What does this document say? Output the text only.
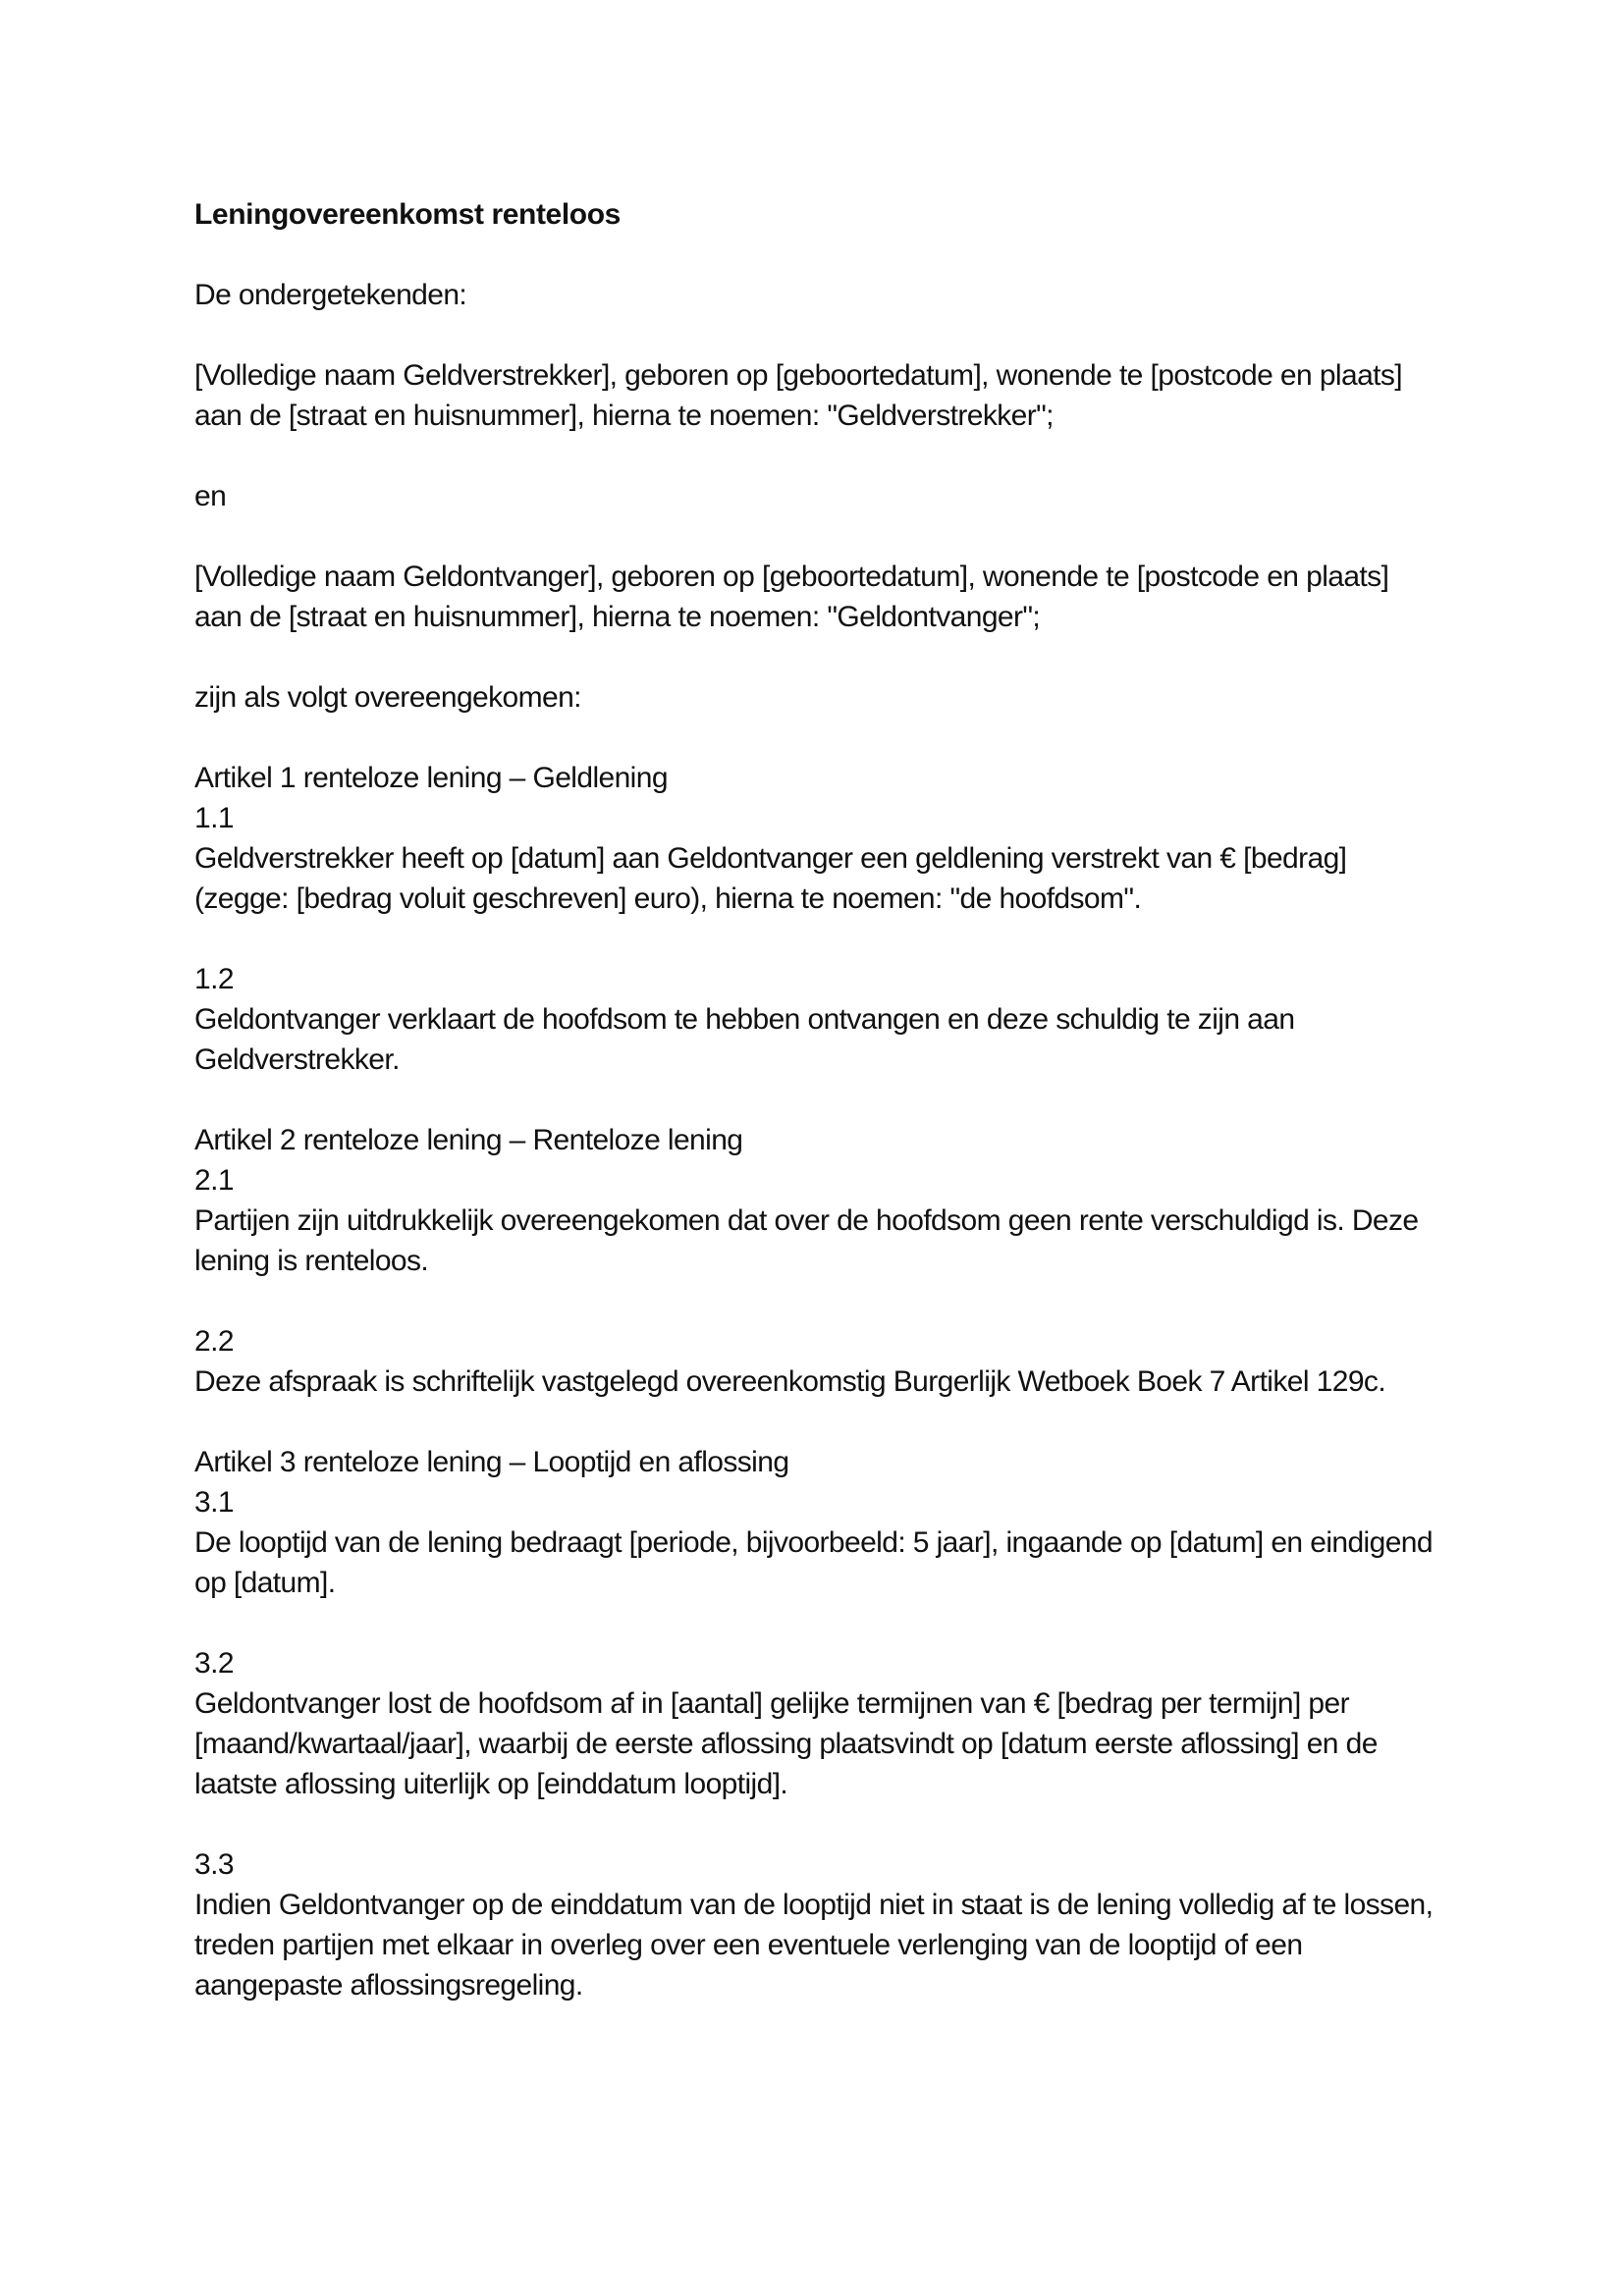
Leningovereenkomst renteloos

De ondergetekenden:

[Volledige naam Geldverstrekker], geboren op [geboortedatum], wonende te [postcode en plaats] aan de [straat en huisnummer], hierna te noemen: "Geldverstrekker";

en

[Volledige naam Geldontvanger], geboren op [geboortedatum], wonende te [postcode en plaats] aan de [straat en huisnummer], hierna te noemen: "Geldontvanger";

zijn als volgt overeengekomen:

Artikel 1 renteloze lening – Geldlening

1.1

Geldverstrekker heeft op [datum] aan Geldontvanger een geldlening verstrekt van € [bedrag] (zegge: [bedrag voluit geschreven] euro), hierna te noemen: "de hoofdsom".

1.2

Geldontvanger verklaart de hoofdsom te hebben ontvangen en deze schuldig te zijn aan Geldverstrekker.

Artikel 2 renteloze lening – Renteloze lening

2.1

Partijen zijn uitdrukkelijk overeengekomen dat over de hoofdsom geen rente verschuldigd is. Deze lening is renteloos.

2.2

Deze afspraak is schriftelijk vastgelegd overeenkomstig Burgerlijk Wetboek Boek 7 Artikel 129c.

Artikel 3 renteloze lening – Looptijd en aflossing

3.1

De looptijd van de lening bedraagt [periode, bijvoorbeeld: 5 jaar], ingaande op [datum] en eindigend op [datum].

3.2

Geldontvanger lost de hoofdsom af in [aantal] gelijke termijnen van € [bedrag per termijn] per [maand/kwartaal/jaar], waarbij de eerste aflossing plaatsvindt op [datum eerste aflossing] en de laatste aflossing uiterlijk op [einddatum looptijd].

3.3

Indien Geldontvanger op de einddatum van de looptijd niet in staat is de lening volledig af te lossen, treden partijen met elkaar in overleg over een eventuele verlenging van de looptijd of een aangepaste aflossingsregeling.
